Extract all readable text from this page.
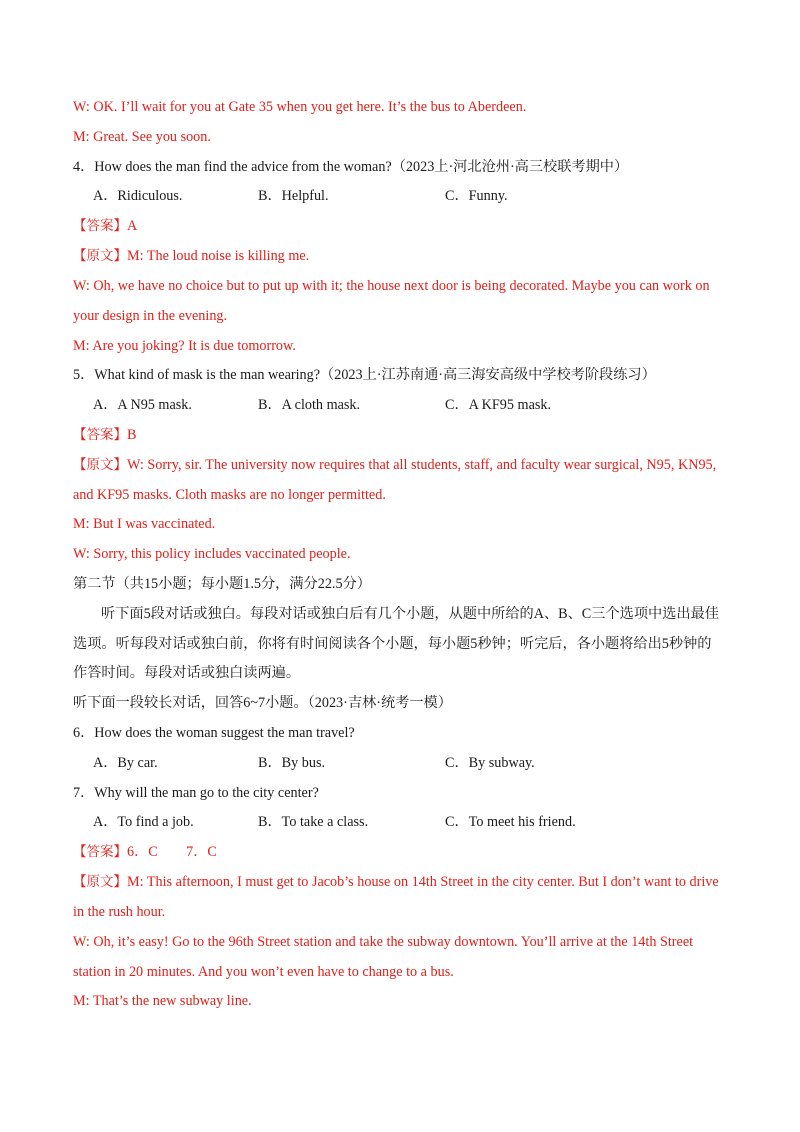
W: OK. I’ll wait for you at Gate 35 when you get here. It’s the bus to Aberdeen.
M: Great. See you soon.
4．How does the man find the advice from the woman?（2023上·河北沧州·高三校联考期中）
A．Ridiculous.	B．Helpful.	C．Funny.
【答案】A
【原文】M: The loud noise is killing me.
W: Oh, we have no choice but to put up with it; the house next door is being decorated. Maybe you can work on
your design in the evening.
M: Are you joking? It is due tomorrow.
5．What kind of mask is the man wearing?（2023上·江苏南通·高三海安高级中学校考阶段练习）
A．A N95 mask.	B．A cloth mask.	C．A KF95 mask.
【答案】B
【原文】W: Sorry, sir. The university now requires that all students, staff, and faculty wear surgical, N95, KN95,
and KF95 masks. Cloth masks are no longer permitted.
M: But I was vaccinated.
W: Sorry, this policy includes vaccinated people.
第二节（共15小题；每小题1.5分，满分22.5分）
听下面5段对话或独白。每段对话或独白后有几个小题，从题中所给的A、B、C三个选项中选出最佳
选项。听每段对话或独白前，你将有时间阅读各个小题，每小题5秒钟；听完后，各小题将给出5秒钟的
作答时间。每段对话或独白读两遍。
听下面一段较长对话，回答6~7小题。（2023·吉林·统考一模）
6．How does the woman suggest the man travel?
A．By car.	B．By bus.	C．By subway.
7．Why will the man go to the city center?
A．To find a job.	B．To take a class.	C．To meet his friend.
【答案】6．C　　7．C
【原文】M: This afternoon, I must get to Jacob’s house on 14th Street in the city center. But I don’t want to drive
in the rush hour.
W: Oh, it’s easy! Go to the 96th Street station and take the subway downtown. You’ll arrive at the 14th Street
station in 20 minutes. And you won’t even have to change to a bus.
M: That’s the new subway line.
